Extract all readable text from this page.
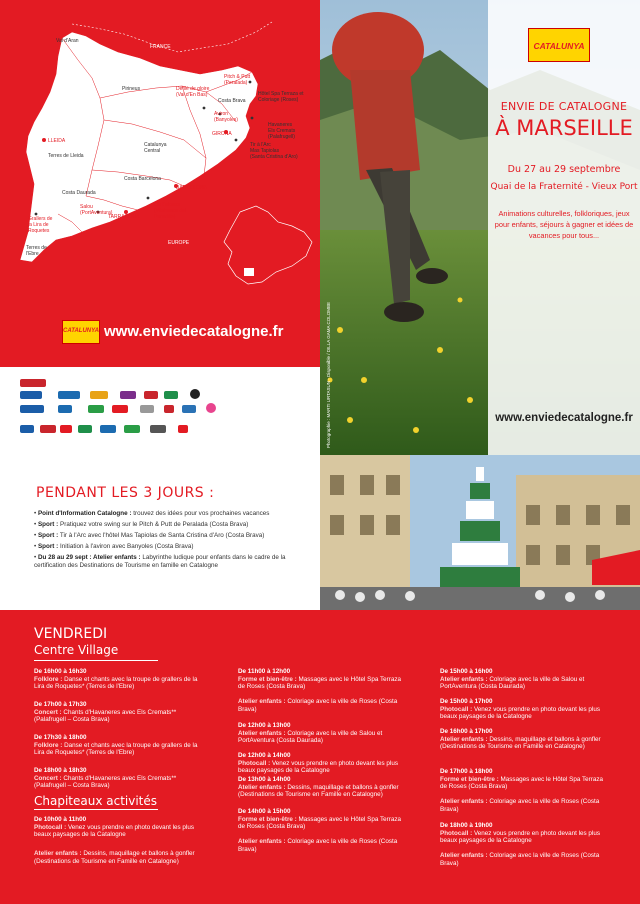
Val d'Aran
FRANCE
Pirineus	Défilé de gloire
(Val d'En Bas)
Pitch & Putt
(Peralada)
Costa Brava
Hôtel Spa Terraza et
Coloriage (Roses)
Aviron
(Banyoles)
GIRONA
Havaneres
Els Cremats
(Palafrugell)
Tir à l'Arc
Mas Tapiolas
(Santa Cristina d'Aro)
LLEIDA
Terres de Lleida
Catalunya
Central
Costa Barcelona
BARCELONA
Costa Daurada
Salou
(PortAventura)
TARRAGONA
Els Falcons
(Vilafranca del
Penedès)
Grallers de
la Lira de
Roquetes
Terres de
l'Ebre
EUROPE
CATALUNYA www.enviedecatalogne.fr
CATALUNYA
ENVIE DE CATALOGNE
À MARSEILLE
Du 27 au 29 septembre
Quai de la Fraternité - Vieux Port
Animations culturelles, folkloriques, jeux pour enfants, séjours à gagner et idées de vacances pour tous...
www.enviedecatalogne.fr
Photographie : MARTI URTASUN - Disponible / DILLA GAMA COLOMBE
PENDANT LES 3 JOURS :
• Point d'Information Catalogne : trouvez des idées pour vos prochaines vacances
• Sport : Pratiquez votre swing sur le Pitch & Putt de Peralada (Costa Brava)
• Sport : Tir à l'Arc avec l'hôtel Mas Tapiolas de Santa Cristina d'Aro (Costa Brava)
• Sport : Initiation à l'aviron avec Banyoles (Costa Brava)
• Du 28 au 29 sept : Atelier enfants : Labyrinthe ludique pour enfants dans le cadre de la certification des Destinations de Tourisme en famille en Catalogne
VENDREDI
Centre Village
Chapiteaux activités
De 16h00 à 16h30
Folklore : Danse et chants avec la troupe de grallers de la Lira de Roquetes* (Terres de l'Ebre)
De 17h00 à 17h30
Concert : Chants d'Havaneres avec Els Cremats** (Palafrugell – Costa Brava)
De 17h30 à 18h00
Folklore : Danse et chants avec la troupe de grallers de la Lira de Roquetes* (Terres de l'Ebre)
De 18h00 à 18h30
Concert : Chants d'Havaneres avec Els Cremats** (Palafrugell – Costa Brava)
De 10h00 à 11h00
Photocall : Venez vous prendre en photo devant les plus beaux paysages de la Catalogne
Atelier enfants : Dessins, maquillage et ballons à gonfler (Destinations de Tourisme en Famille en Catalogne)
De 11h00 à 12h00
Forme et bien-être : Massages avec le Hôtel Spa Terraza de Roses (Costa Brava)
Atelier enfants : Coloriage avec la ville de Roses (Costa Brava)
De 12h00 à 13h00
Atelier enfants : Coloriage avec la ville de Salou et PortAventura (Costa Daurada)
De 12h00 à 14h00
Photocall : Venez vous prendre en photo devant les plus beaux paysages de la Catalogne
De 13h00 à 14h00
Atelier enfants : Dessins, maquillage et ballons à gonfler (Destinations de Tourisme en Famille en Catalogne)
De 14h00 à 15h00
Forme et bien-être : Massages avec le Hôtel Spa Terraza de Roses (Costa Brava)
Atelier enfants : Coloriage avec la ville de Roses (Costa Brava)
De 15h00 à 16h00
Atelier enfants : Coloriage avec la ville de Salou et PortAventura (Costa Daurada)
De 15h00 à 17h00
Photocall : Venez vous prendre en photo devant les plus beaux paysages de la Catalogne
De 16h00 à 17h00
Atelier enfants : Dessins, maquillage et ballons à gonfler (Destinations de Tourisme en Famille en Catalogne)
De 17h00 à 18h00
Forme et bien-être : Massages avec le Hôtel Spa Terraza de Roses (Costa Brava)
Atelier enfants : Coloriage avec la ville de Roses (Costa Brava)
De 18h00 à 19h00
Photocall : Venez vous prendre en photo devant les plus beaux paysages de la Catalogne
Atelier enfants : Coloriage avec la ville de Roses (Costa Brava)
